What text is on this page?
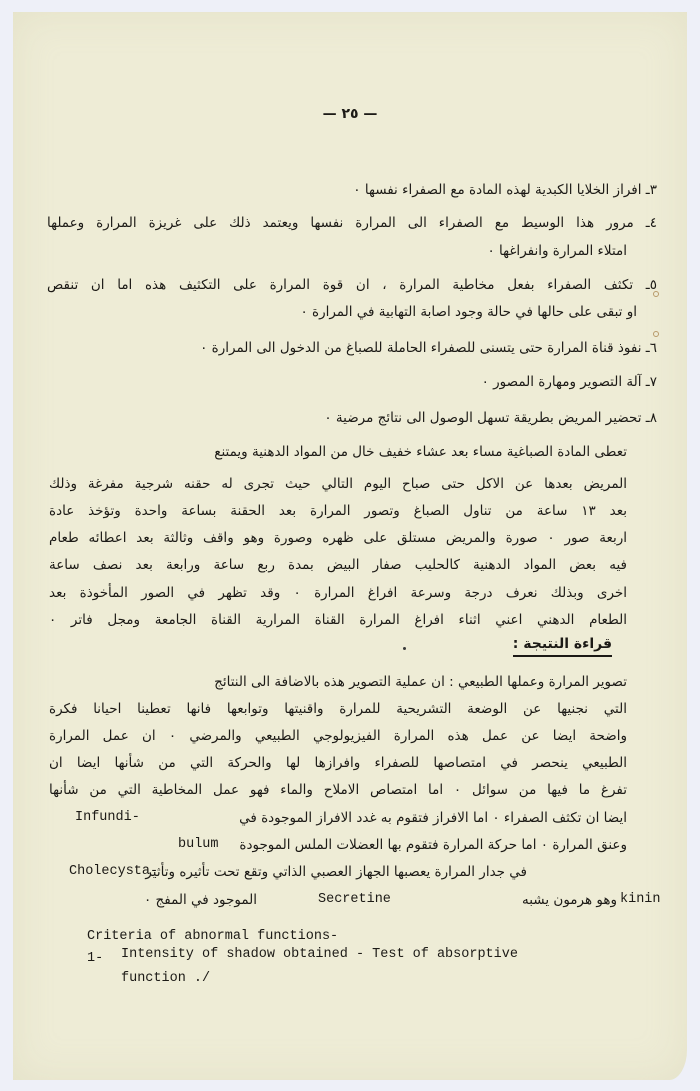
— ٢٥ —
٣ـ افراز الخلايا الكبدية لهذه المادة مع الصفراء نفسها ٠
٤ـ مرور هذا الوسيط مع الصفراء الى المرارة نفسها ويعتمد ذلك على غريزة المرارة وعملها
امتلاء المرارة وانفراغها ٠
٥ـ تكثف الصفراء بفعل مخاطية المرارة ، ان قوة المرارة على التكثيف هذه اما ان تنقص
او تبقى على حالها في حالة وجود اصابة التهابية في المرارة ٠
٦ـ نفوذ قناة المرارة حتى يتسنى للصفراء الحاملة للصباغ من الدخول الى المرارة ٠
٧ـ آلة التصوير ومهارة المصور ٠
٨ـ تحضير المريض بطريقة تسهل الوصول الى نتائج مرضية ٠
تعطى المادة الصباغية مساء بعد عشاء خفيف خال من المواد الدهنية ويمتنع
المريض بعدها عن الاكل حتى صباح اليوم التالي حيث تجرى له حقنه شرجية مفرغة وذلك
بعد ١٣ ساعة من تناول الصباغ وتصور المرارة بعد الحقنة بساعة واحدة وتؤخذ عادة
اربعة صور ٠ صورة والمريض مستلق على ظهره وصورة وهو واقف وثالثة بعد اعطائه طعام
فيه بعض المواد الدهنية كالحليب صفار البيض بمدة ربع ساعة ورابعة بعد نصف ساعة
اخرى وبذلك نعرف درجة وسرعة افراغ المرارة ٠ وقد تظهر في الصور المأخوذة بعد
الطعام الدهني اعني اثناء افراغ المرارة القناة المرارية القناة الجامعة ومجل فاتر ٠
قراءة النتيجة :
تصوير المرارة وعملها الطبيعي : ان عملية التصوير هذه بالاضافة الى النتائج
التي نجنيها عن الوضعة التشريحية للمرارة واقنيتها وتوابعها فانها تعطينا احيانا فكرة
واضحة ايضا عن عمل هذه المرارة الفيزيولوجي الطبيعي والمرضي ٠ ان عمل المرارة
الطبيعي ينحصر في امتصاصها للصفراء وافرازها لها والحركة التي من شأنها ايضا ان
تفرغ ما فيها من سوائل ٠ اما امتصاص الاملاح والماء فهو عمل المخاطية التي من شأنها
ايضا ان تكثف الصفراء ٠ اما الافراز فتقوم به غدد الافراز الموجودة في
Infundi-
وعنق المرارة ٠ اما حركة المرارة فتقوم بها العضلات الملس الموجودة
bulum
في جدار المرارة يعصبها الجهاز العصبي الذاتي وتقع تحت تأثيره وتأثير
Cholecysta-
kinin
وهو هرمون يشبه
Secretine
الموجود في المفج ٠
Criteria of abnormal functions-
1- Intensity of shadow obtained - Test of absorptive
function ./
